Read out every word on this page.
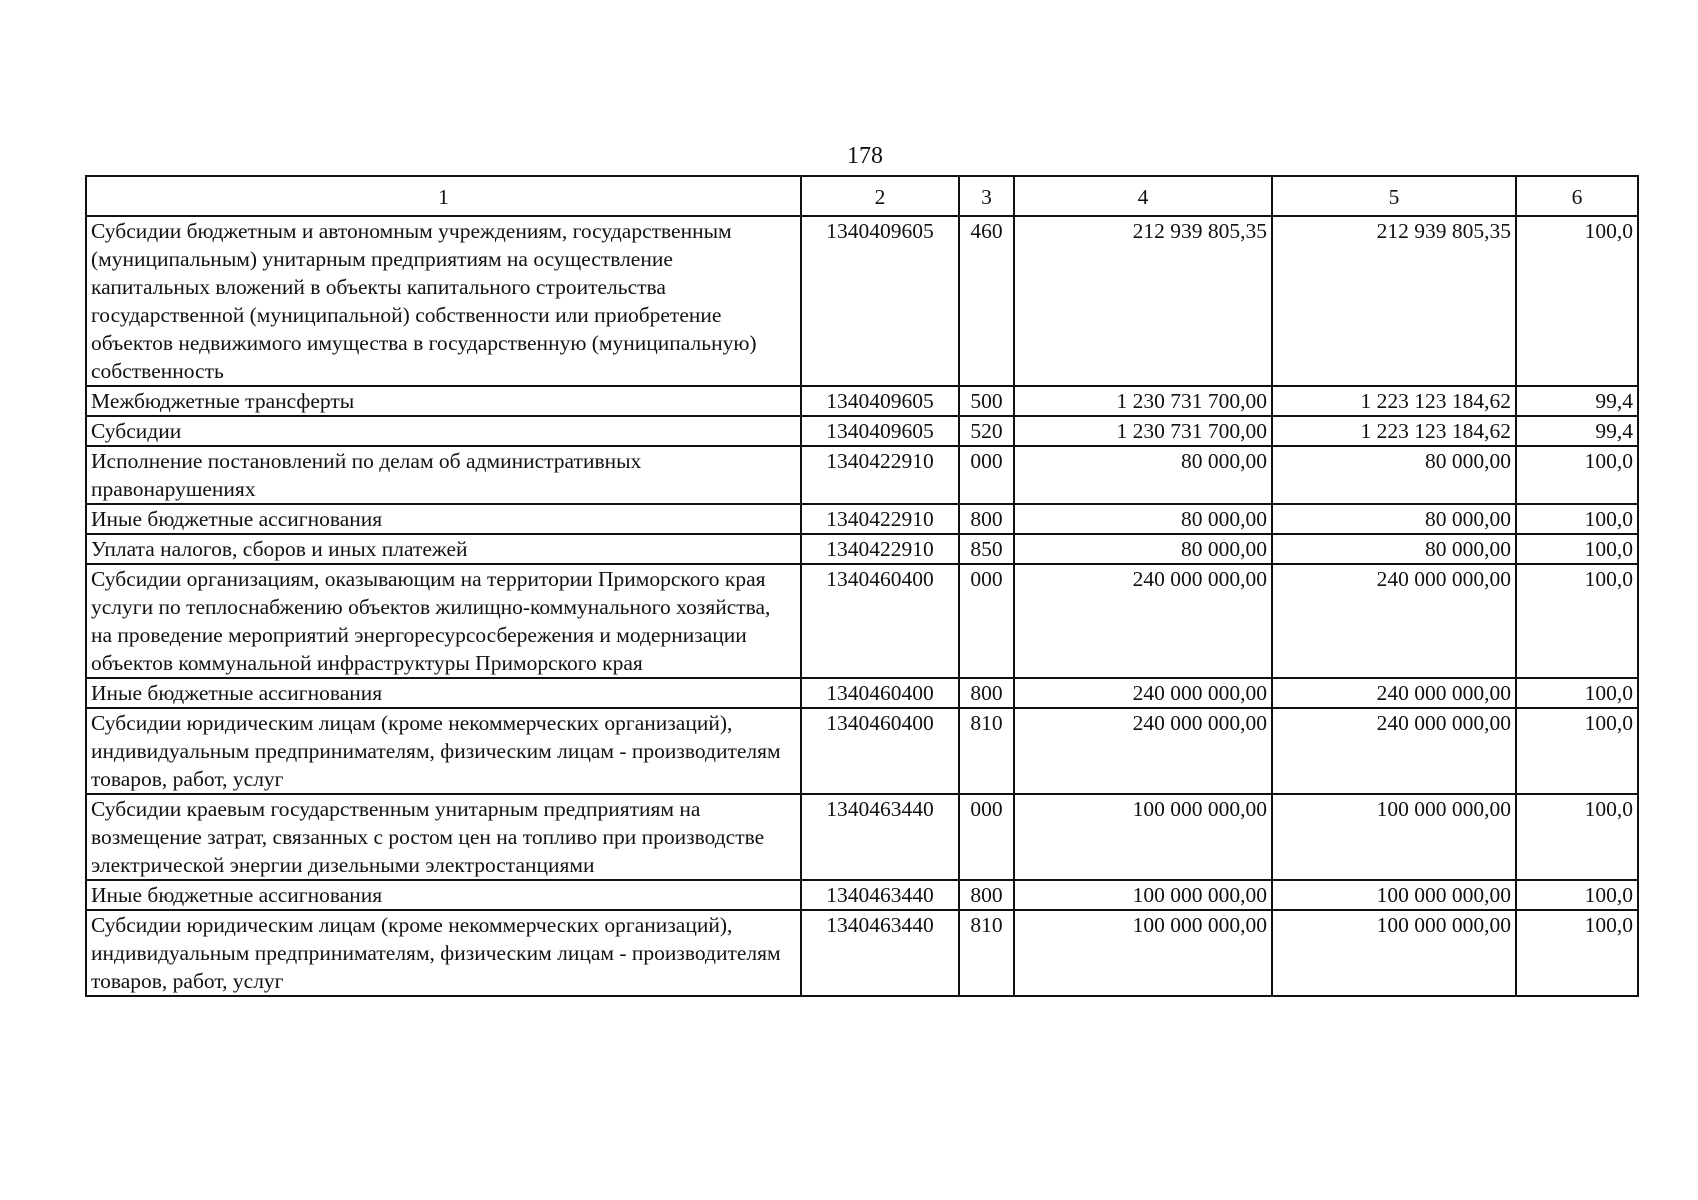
178
1	2	3	4	5	6
Субсидии бюджетным и автономным учреждениям, государственным (муниципальным) унитарным предприятиям на осуществление капитальных вложений в объекты капитального строительства государственной (муниципальной) собственности или приобретение объектов недвижимого имущества в государственную (муниципальную) собственность	1340409605	460	212 939 805,35	212 939 805,35	100,0
Межбюджетные трансферты	1340409605	500	1 230 731 700,00	1 223 123 184,62	99,4
Субсидии	1340409605	520	1 230 731 700,00	1 223 123 184,62	99,4
Исполнение постановлений по делам об административных правонарушениях	1340422910	000	80 000,00	80 000,00	100,0
Иные бюджетные ассигнования	1340422910	800	80 000,00	80 000,00	100,0
Уплата налогов, сборов и иных платежей	1340422910	850	80 000,00	80 000,00	100,0
Субсидии организациям, оказывающим на территории Приморского края услуги по теплоснабжению объектов жилищно-коммунального хозяйства, на проведение мероприятий энергоресурсосбережения и модернизации объектов коммунальной инфраструктуры Приморского края	1340460400	000	240 000 000,00	240 000 000,00	100,0
Иные бюджетные ассигнования	1340460400	800	240 000 000,00	240 000 000,00	100,0
Субсидии юридическим лицам (кроме некоммерческих организаций), индивидуальным предпринимателям, физическим лицам - производителям товаров, работ, услуг	1340460400	810	240 000 000,00	240 000 000,00	100,0
Субсидии краевым государственным унитарным предприятиям на возмещение затрат, связанных с ростом цен на топливо при производстве электрической энергии дизельными электростанциями	1340463440	000	100 000 000,00	100 000 000,00	100,0
Иные бюджетные ассигнования	1340463440	800	100 000 000,00	100 000 000,00	100,0
Субсидии юридическим лицам (кроме некоммерческих организаций), индивидуальным предпринимателям, физическим лицам - производителям товаров, работ, услуг	1340463440	810	100 000 000,00	100 000 000,00	100,0
